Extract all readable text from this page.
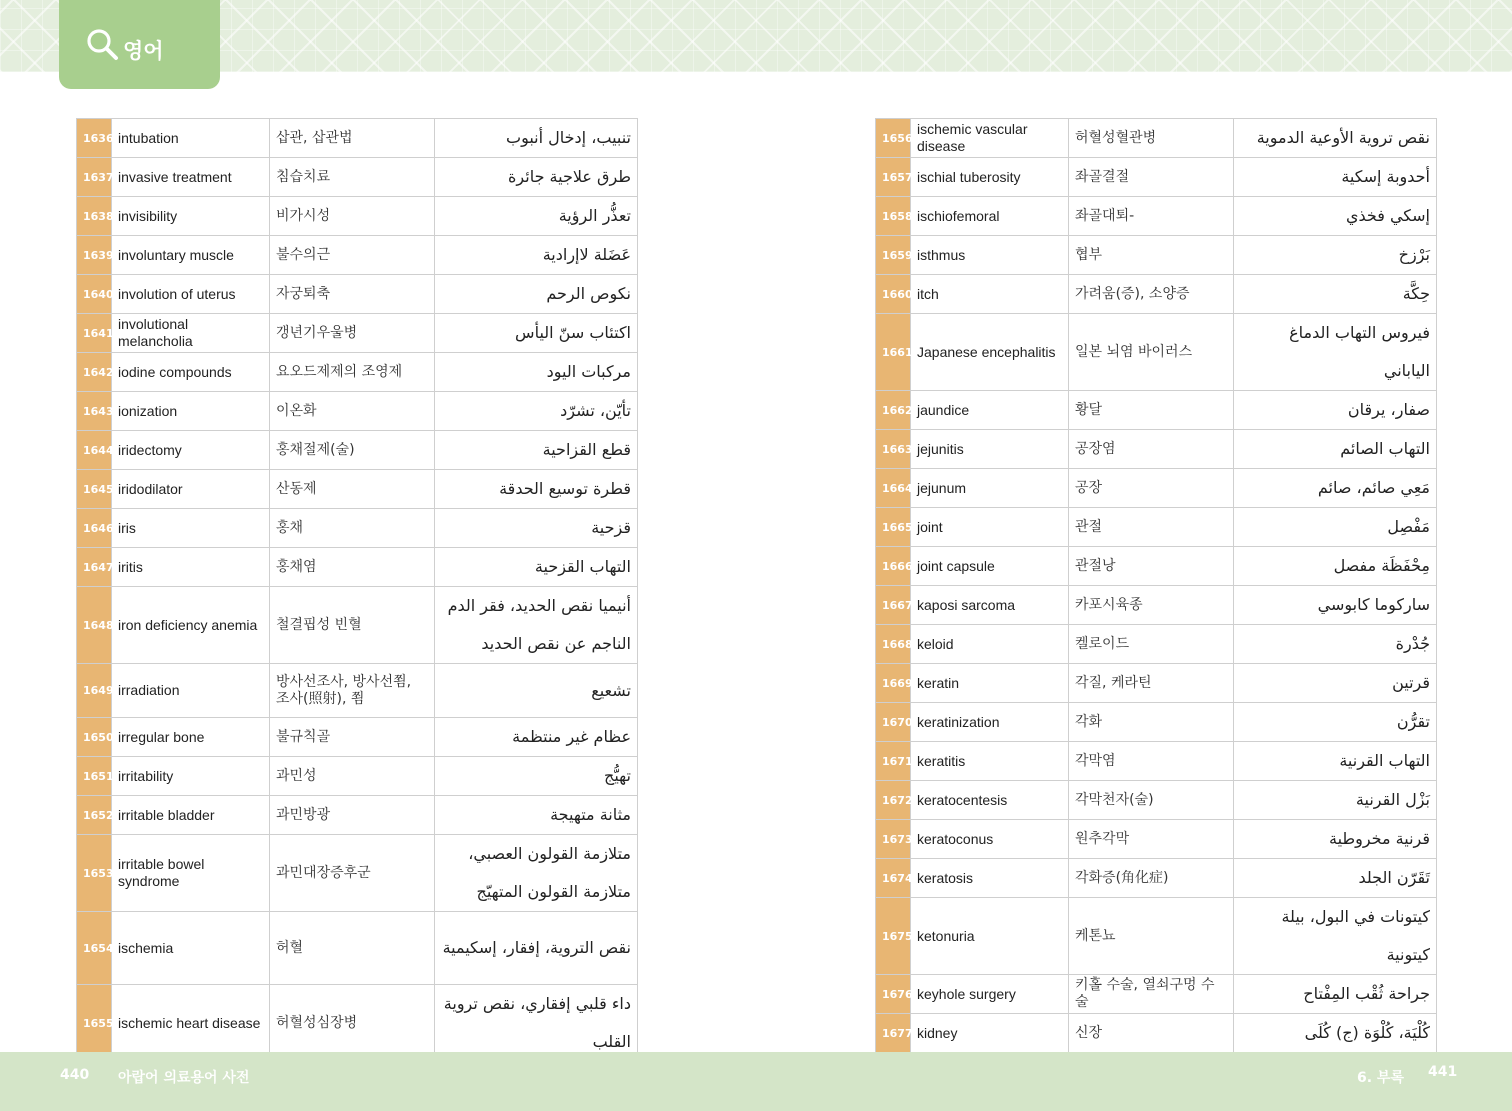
영어
1636	intubation	삽관, 삽관법	تنبيب، إدخال أنبوب
1637	invasive treatment	침습치료	طرق علاجية جائرة
1638	invisibility	비가시성	تعذُّر الرؤية
1639	involuntary muscle	불수의근	عَضَلة لاإرادية
1640	involution of uterus	자궁퇴축	نكوص الرحم
1641	involutional melancholia	갱년기우울병	اكتئاب سنّ اليأس
1642	iodine compounds	요오드제제의 조영제	مركبات اليود
1643	ionization	이온화	تأيّن، تشرّد
1644	iridectomy	홍채절제(술)	قطع القزاحية
1645	iridodilator	산동제	قطرة توسيع الحدقة
1646	iris	홍채	قزحية
1647	iritis	홍채염	التهاب القزحية
1648	iron deficiency anemia	철결핍성 빈혈	أنيميا نقص الحديد، فقر الدم الناجم عن نقص الحديد
1649	irradiation	방사선조사, 방사선쬠, 조사(照射), 쬠	تشعيع
1650	irregular bone	불규칙골	عظام غير منتظمة
1651	irritability	과민성	تهيُّج
1652	irritable bladder	과민방광	مثانة متهيجة
1653	irritable bowel syndrome	과민대장증후군	متلازمة القولون العصبي، متلازمة القولون المتهيّج
1654	ischemia	허혈	نقص التروية، إفقار، إسكيمية
1655	ischemic heart disease	허혈성심장병	داء قلبي إفقاري، نقص تروية القلب
1656	ischemic vascular disease	허혈성혈관병	نقص تروية الأوعية الدموية
1657	ischial tuberosity	좌골결절	أحدوبة إسكية
1658	ischiofemoral	좌골대퇴-	إسكي فخذي
1659	isthmus	협부	بَرْزخ
1660	itch	가려움(증), 소양증	حِكَّة
1661	Japanese encephalitis	일본 뇌염 바이러스	فيروس التهاب الدماغ الياباني
1662	jaundice	황달	صفار، يرقان
1663	jejunitis	공장염	التهاب الصائم
1664	jejunum	공장	مَعِي صائم، صائم
1665	joint	관절	مَفْصِل
1666	joint capsule	관절낭	مِحْفَظَة مفصل
1667	kaposi sarcoma	카포시육종	ساركوما كابوسي
1668	keloid	켈로이드	جُدْرة
1669	keratin	각질, 케라틴	قرتين
1670	keratinization	각화	تقرُّن
1671	keratitis	각막염	التهاب القرنية
1672	keratocentesis	각막천자(술)	بَزْل القرنية
1673	keratoconus	원추각막	قرنية مخروطية
1674	keratosis	각화증(角化症)	تَقَرّن الجلد
1675	ketonuria	케톤뇨	كيتونات في البول، بيلة كيتونية
1676	keyhole surgery	키홀 수술, 열쇠구멍 수술	جراحة ثُقْب المِفْتاح
1677	kidney	신장	كُلْيَة، كُلْوَة (ج) كُلَى
440 아랍어 의료용어 사전	6. 부록 441
